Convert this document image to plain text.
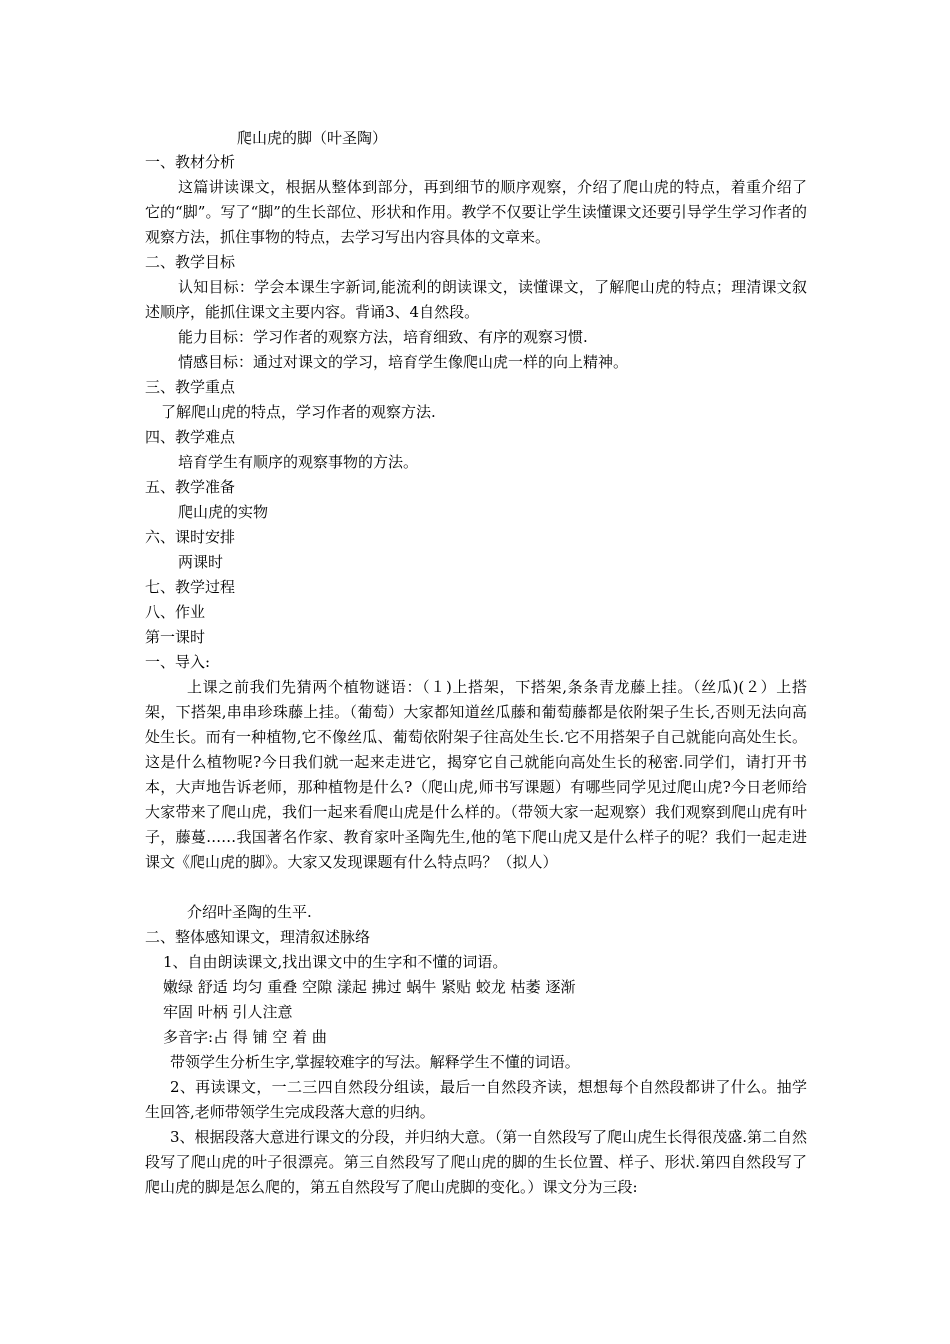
爬山虎的脚（叶圣陶）
一、教材分析
这篇讲读课文，根据从整体到部分，再到细节的顺序观察，介绍了爬山虎的特点，着重介绍了它的“脚”。写了“脚”的生长部位、形状和作用。教学不仅要让学生读懂课文还要引导学生学习作者的观察方法，抓住事物的特点，去学习写出内容具体的文章来。
二、教学目标
认知目标：学会本课生字新词,能流利的朗读课文，读懂课文，了解爬山虎的特点；理清课文叙述顺序，能抓住课文主要内容。背诵3、4自然段。
能力目标：学习作者的观察方法，培育细致、有序的观察习惯.
情感目标：通过对课文的学习，培育学生像爬山虎一样的向上精神。
三、教学重点
了解爬山虎的特点，学习作者的观察方法.
四、教学难点
培育学生有顺序的观察事物的方法。
五、教学准备
爬山虎的实物
六、课时安排
两课时
七、教学过程
八、作业
第一课时
一、导入:
上课之前我们先猜两个植物谜语：（１)上搭架，下搭架,条条青龙藤上挂。（丝瓜)(２）上搭架，下搭架,串串珍珠藤上挂。（葡萄）大家都知道丝瓜藤和葡萄藤都是依附架子生长,否则无法向高处生长。而有一种植物,它不像丝瓜、葡萄依附架子往高处生长.它不用搭架子自己就能向高处生长。这是什么植物呢?今日我们就一起来走进它，揭穿它自己就能向高处生长的秘密.同学们，请打开书本，大声地告诉老师，那种植物是什么?（爬山虎,师书写课题）有哪些同学见过爬山虎?今日老师给大家带来了爬山虎，我们一起来看爬山虎是什么样的。（带领大家一起观察）我们观察到爬山虎有叶子，藤蔓……我国著名作家、教育家叶圣陶先生,他的笔下爬山虎又是什么样子的呢？我们一起走进课文《爬山虎的脚》。大家又发现课题有什么特点吗？（拟人）
介绍叶圣陶的生平.
二、整体感知课文，理清叙述脉络
1、自由朗读课文,找出课文中的生字和不懂的词语。
嫩绿 舒适 均匀 重叠 空隙 漾起 拂过 蜗牛 紧贴 蛟龙 枯萎 逐渐
牢固 叶柄 引人注意
多音字:占 得 铺 空 着 曲
带领学生分析生字,掌握较难字的写法。解释学生不懂的词语。
2、再读课文，一二三四自然段分组读，最后一自然段齐读，想想每个自然段都讲了什么。抽学生回答,老师带领学生完成段落大意的归纳。
3、根据段落大意进行课文的分段，并归纳大意。（第一自然段写了爬山虎生长得很茂盛.第二自然段写了爬山虎的叶子很漂亮。第三自然段写了爬山虎的脚的生长位置、样子、形状.第四自然段写了爬山虎的脚是怎么爬的，第五自然段写了爬山虎脚的变化。）课文分为三段:
